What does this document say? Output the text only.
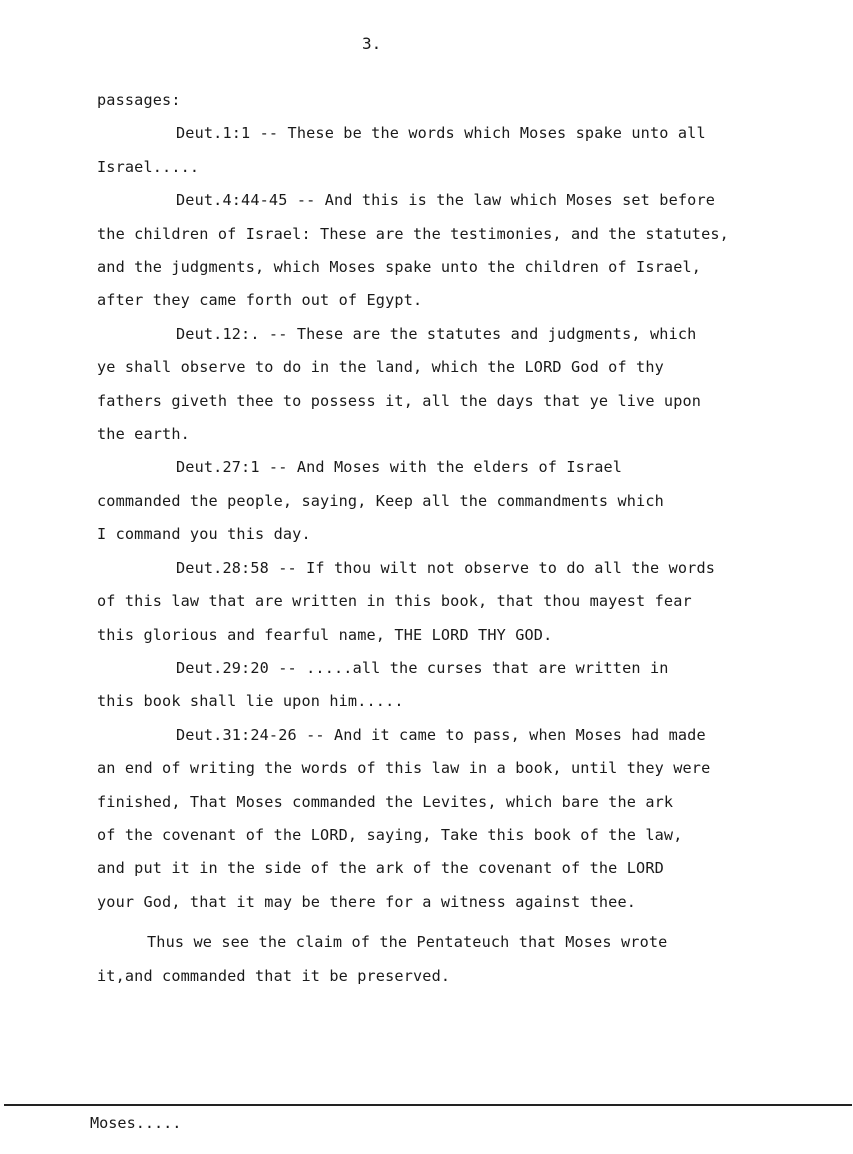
3.
passages:
Deut.1:1 -- These be the words which Moses spake unto all
Israel.....
Deut.4:44-45 -- And this is the law which Moses set before
the children of Israel: These are the testimonies, and the statutes,
and the judgments, which Moses spake unto the children of Israel,
after they came forth out of Egypt.
Deut.12:. -- These are the statutes and judgments, which
ye shall observe to do in the land, which the LORD God of thy
fathers giveth thee to possess it, all the days that ye live upon
the earth.
Deut.27:1 -- And Moses with the elders of Israel
commanded the people, saying, Keep all the commandments which
I command you this day.
Deut.28:58 -- If thou wilt not observe to do all the words
of this law that are written in this book, that thou mayest fear
this glorious and fearful name, THE LORD THY GOD.
Deut.29:20 -- .....all the curses that are written in
this book shall lie upon him.....
Deut.31:24-26 -- And it came to pass, when Moses had made
an end of writing the words of this law in a book, until they were
finished, That Moses commanded the Levites, which bare the ark
of the covenant of the LORD, saying, Take this book of the law,
and put it in the side of the ark of the covenant of the LORD
your God, that it may be there for a witness against thee.
Thus we see the claim of the Pentateuch that Moses wrote
it,and commanded that it be preserved.
Moses.....
